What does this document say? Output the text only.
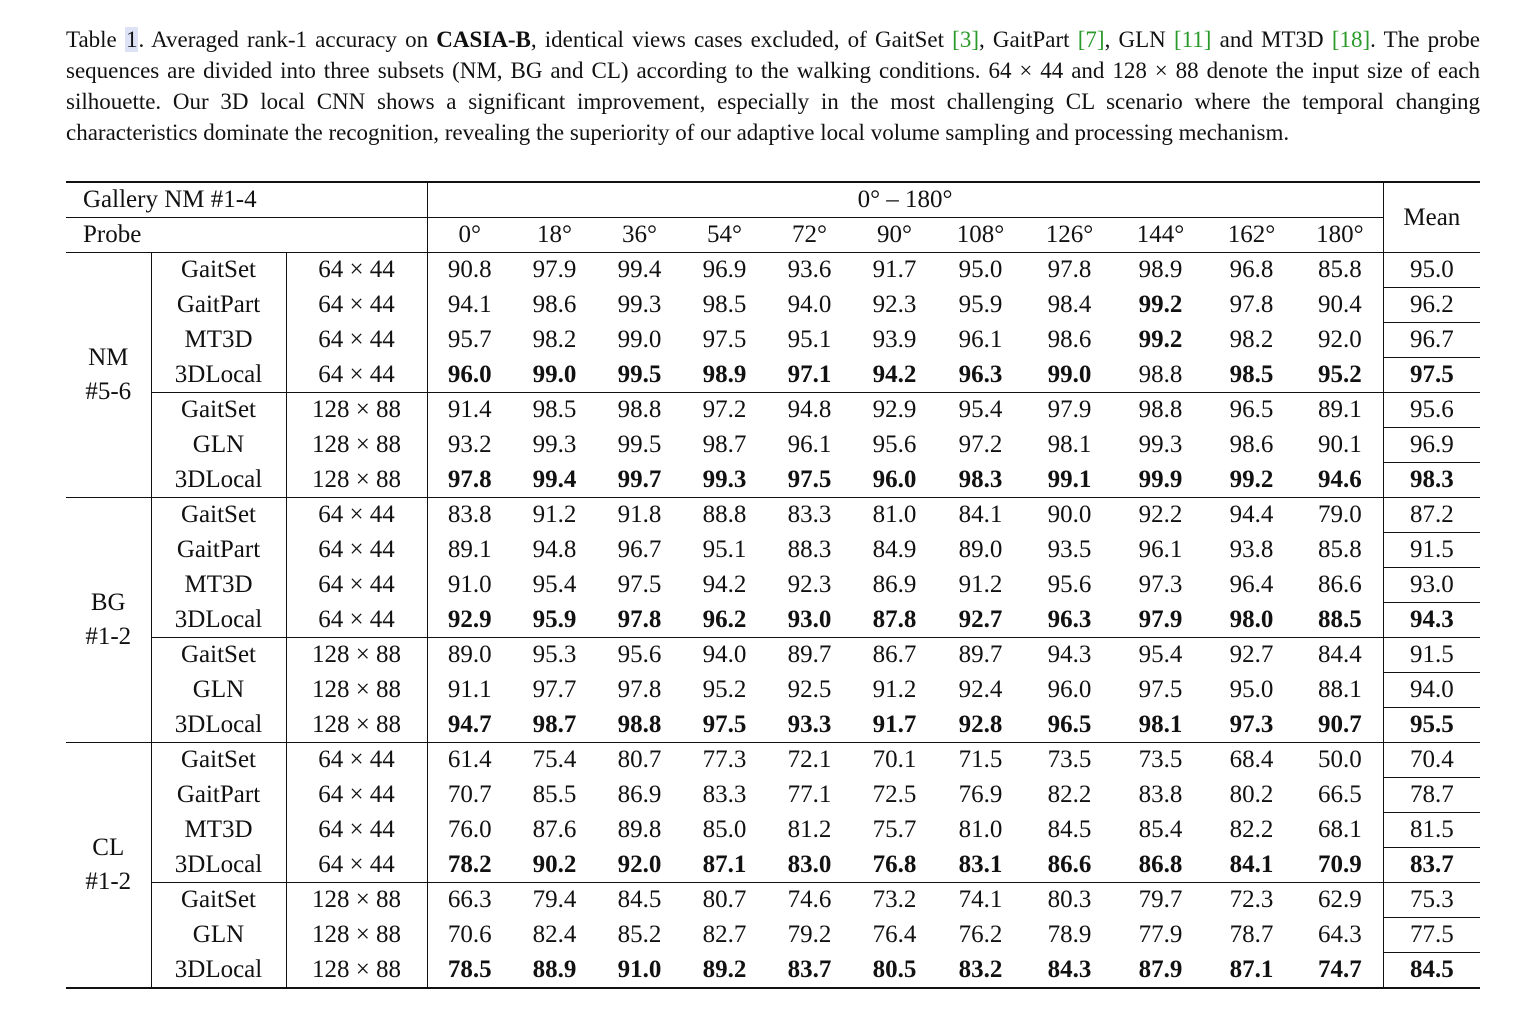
Table 1. Averaged rank-1 accuracy on CASIA-B, identical views cases excluded, of GaitSet [3], GaitPart [7], GLN [11] and MT3D [18]. The probe sequences are divided into three subsets (NM, BG and CL) according to the walking conditions. 64 × 44 and 128 × 88 denote the input size of each silhouette. Our 3D local CNN shows a significant improvement, especially in the most challenging CL scenario where the temporal changing characteristics dominate the recognition, revealing the superiority of our adaptive local volume sampling and processing mechanism.
Gallery NM #1-4			0° – 180°											Mean
Probe			0°	18°	36°	54°	72°	90°	108°	126°	144°	162°	180°	

NM
#5-6	GaitSet	64 × 44	90.8	97.9	99.4	96.9	93.6	91.7	95.0	97.8	98.9	96.8	85.8	95.0
	GaitPart	64 × 44	94.1	98.6	99.3	98.5	94.0	92.3	95.9	98.4	99.2	97.8	90.4	96.2
	MT3D	64 × 44	95.7	98.2	99.0	97.5	95.1	93.9	96.1	98.6	99.2	98.2	92.0	96.7
	3DLocal	64 × 44	96.0	99.0	99.5	98.9	97.1	94.2	96.3	99.0	98.8	98.5	95.2	97.5
	GaitSet	128 × 88	91.4	98.5	98.8	97.2	94.8	92.9	95.4	97.9	98.8	96.5	89.1	95.6
	GLN	128 × 88	93.2	99.3	99.5	98.7	96.1	95.6	97.2	98.1	99.3	98.6	90.1	96.9
	3DLocal	128 × 88	97.8	99.4	99.7	99.3	97.5	96.0	98.3	99.1	99.9	99.2	94.6	98.3

BG
#1-2	GaitSet	64 × 44	83.8	91.2	91.8	88.8	83.3	81.0	84.1	90.0	92.2	94.4	79.0	87.2
	GaitPart	64 × 44	89.1	94.8	96.7	95.1	88.3	84.9	89.0	93.5	96.1	93.8	85.8	91.5
	MT3D	64 × 44	91.0	95.4	97.5	94.2	92.3	86.9	91.2	95.6	97.3	96.4	86.6	93.0
	3DLocal	64 × 44	92.9	95.9	97.8	96.2	93.0	87.8	92.7	96.3	97.9	98.0	88.5	94.3
	GaitSet	128 × 88	89.0	95.3	95.6	94.0	89.7	86.7	89.7	94.3	95.4	92.7	84.4	91.5
	GLN	128 × 88	91.1	97.7	97.8	95.2	92.5	91.2	92.4	96.0	97.5	95.0	88.1	94.0
	3DLocal	128 × 88	94.7	98.7	98.8	97.5	93.3	91.7	92.8	96.5	98.1	97.3	90.7	95.5

CL
#1-2	GaitSet	64 × 44	61.4	75.4	80.7	77.3	72.1	70.1	71.5	73.5	73.5	68.4	50.0	70.4
	GaitPart	64 × 44	70.7	85.5	86.9	83.3	77.1	72.5	76.9	82.2	83.8	80.2	66.5	78.7
	MT3D	64 × 44	76.0	87.6	89.8	85.0	81.2	75.7	81.0	84.5	85.4	82.2	68.1	81.5
	3DLocal	64 × 44	78.2	90.2	92.0	87.1	83.0	76.8	83.1	86.6	86.8	84.1	70.9	83.7
	GaitSet	128 × 88	66.3	79.4	84.5	80.7	74.6	73.2	74.1	80.3	79.7	72.3	62.9	75.3
	GLN	128 × 88	70.6	82.4	85.2	82.7	79.2	76.4	76.2	78.9	77.9	78.7	64.3	77.5
	3DLocal	128 × 88	78.5	88.9	91.0	89.2	83.7	80.5	83.2	84.3	87.9	87.1	74.7	84.5
